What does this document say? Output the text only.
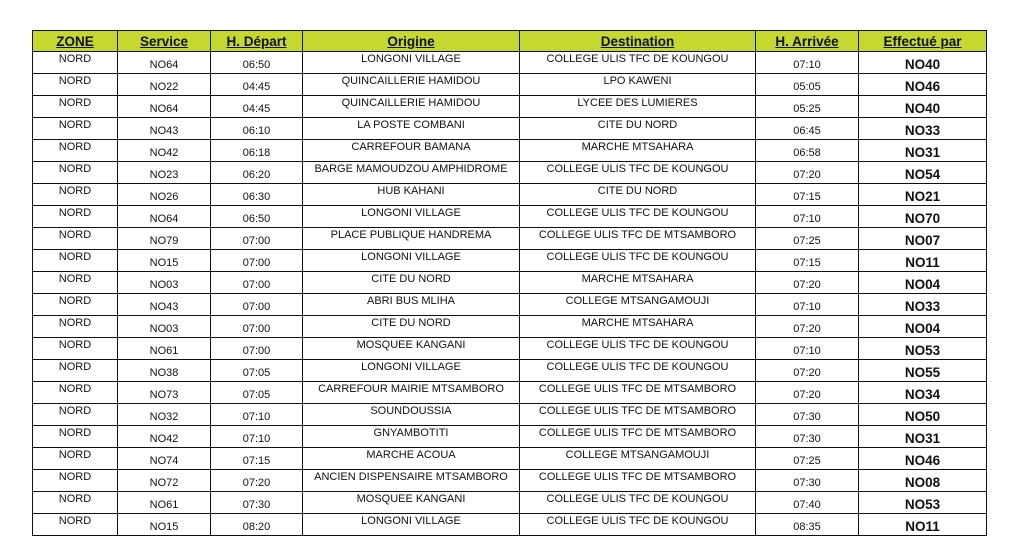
ZONE	Service	H. Départ	Origine	Destination	H. Arrivée	Effectué par
NORD	NO64	06:50	LONGONI VILLAGE	COLLEGE ULIS TFC DE KOUNGOU	07:10	NO40
NORD	NO22	04:45	QUINCAILLERIE HAMIDOU	LPO KAWENI	05:05	NO46
NORD	NO64	04:45	QUINCAILLERIE HAMIDOU	LYCEE DES LUMIERES	05:25	NO40
NORD	NO43	06:10	LA POSTE COMBANI	CITE DU NORD	06:45	NO33
NORD	NO42	06:18	CARREFOUR BAMANA	MARCHE MTSAHARA	06:58	NO31
NORD	NO23	06:20	BARGE MAMOUDZOU AMPHIDROME	COLLEGE ULIS TFC DE KOUNGOU	07:20	NO54
NORD	NO26	06:30	HUB KAHANI	CITE DU NORD	07:15	NO21
NORD	NO64	06:50	LONGONI VILLAGE	COLLEGE ULIS TFC DE KOUNGOU	07:10	NO70
NORD	NO79	07:00	PLACE PUBLIQUE HANDREMA	COLLEGE ULIS TFC DE MTSAMBORO	07:25	NO07
NORD	NO15	07:00	LONGONI VILLAGE	COLLEGE ULIS TFC DE KOUNGOU	07:15	NO11
NORD	NO03	07:00	CITE DU NORD	MARCHE MTSAHARA	07:20	NO04
NORD	NO43	07:00	ABRI BUS MLIHA	COLLEGE MTSANGAMOUJI	07:10	NO33
NORD	NO03	07:00	CITE DU NORD	MARCHE MTSAHARA	07:20	NO04
NORD	NO61	07:00	MOSQUEE KANGANI	COLLEGE ULIS TFC DE KOUNGOU	07:10	NO53
NORD	NO38	07:05	LONGONI VILLAGE	COLLEGE ULIS TFC DE KOUNGOU	07:20	NO55
NORD	NO73	07:05	CARREFOUR MAIRIE MTSAMBORO	COLLEGE ULIS TFC DE MTSAMBORO	07:20	NO34
NORD	NO32	07:10	SOUNDOUSSIA	COLLEGE ULIS TFC DE MTSAMBORO	07:30	NO50
NORD	NO42	07:10	GNYAMBOTITI	COLLEGE ULIS TFC DE MTSAMBORO	07:30	NO31
NORD	NO74	07:15	MARCHE ACOUA	COLLEGE MTSANGAMOUJI	07:25	NO46
NORD	NO72	07:20	ANCIEN DISPENSAIRE MTSAMBORO	COLLEGE ULIS TFC DE MTSAMBORO	07:30	NO08
NORD	NO61	07:30	MOSQUEE KANGANI	COLLEGE ULIS TFC DE KOUNGOU	07:40	NO53
NORD	NO15	08:20	LONGONI VILLAGE	COLLEGE ULIS TFC DE KOUNGOU	08:35	NO11
